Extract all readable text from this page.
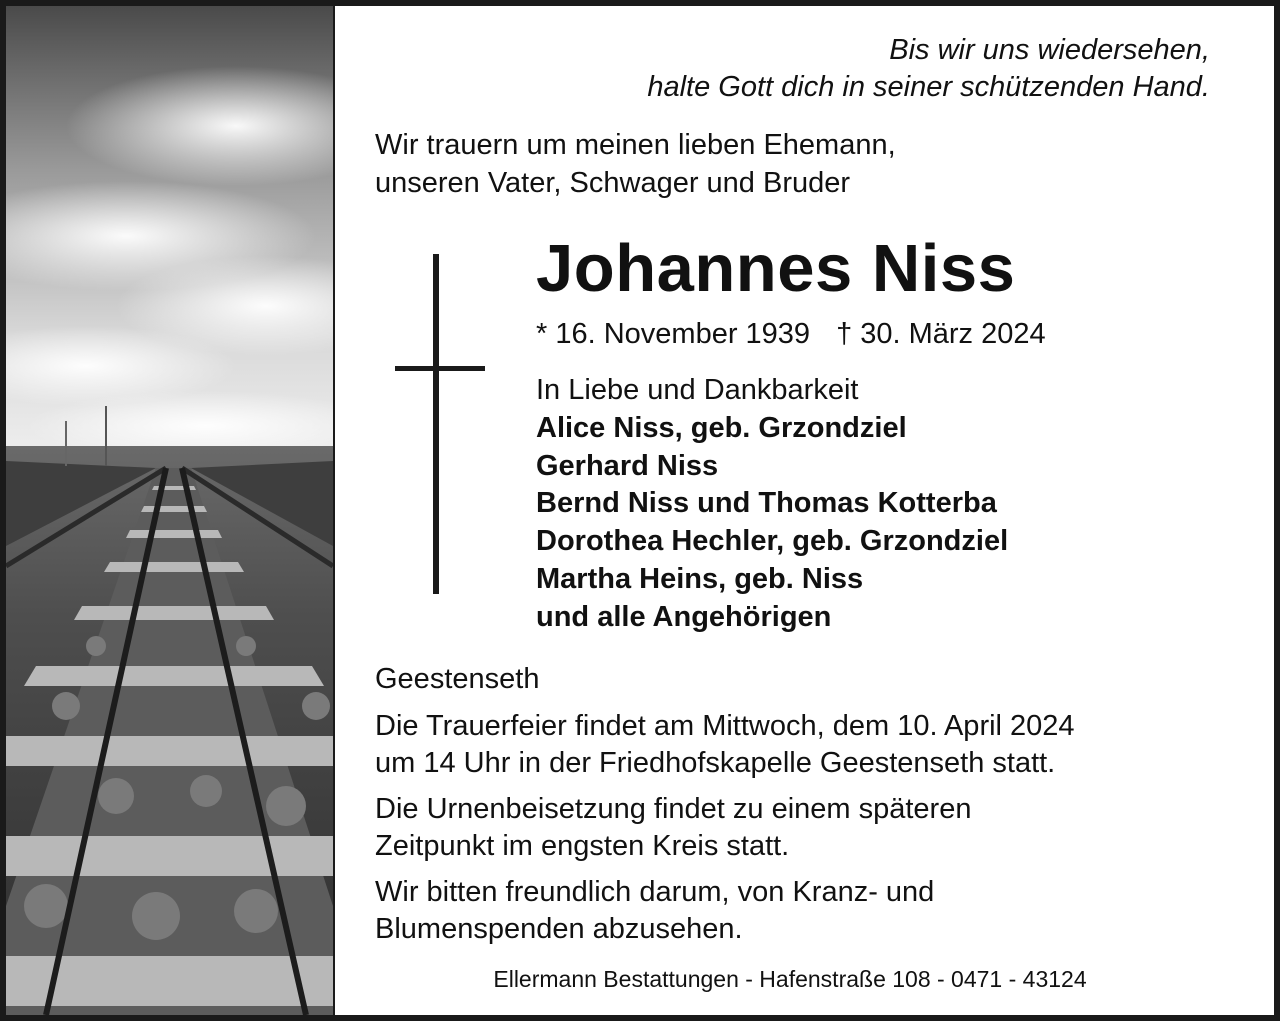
Bis wir uns wiedersehen,
halte Gott dich in seiner schützenden Hand.
Wir trauern um meinen lieben Ehemann,
unseren Vater, Schwager und Bruder
Johannes Niss
* 16. November 1939 † 30. März 2024
In Liebe und Dankbarkeit
Alice Niss, geb. Grzondziel
Gerhard Niss
Bernd Niss und Thomas Kotterba
Dorothea Hechler, geb. Grzondziel
Martha Heins, geb. Niss
und alle Angehörigen
Geestenseth
Die Trauerfeier findet am Mittwoch, dem 10. April 2024
um 14 Uhr in der Friedhofskapelle Geestenseth statt.
Die Urnenbeisetzung findet zu einem späteren
Zeitpunkt im engsten Kreis statt.
Wir bitten freundlich darum, von Kranz- und
Blumenspenden abzusehen.
Ellermann Bestattungen - Hafenstraße 108 - 0471 - 43124
